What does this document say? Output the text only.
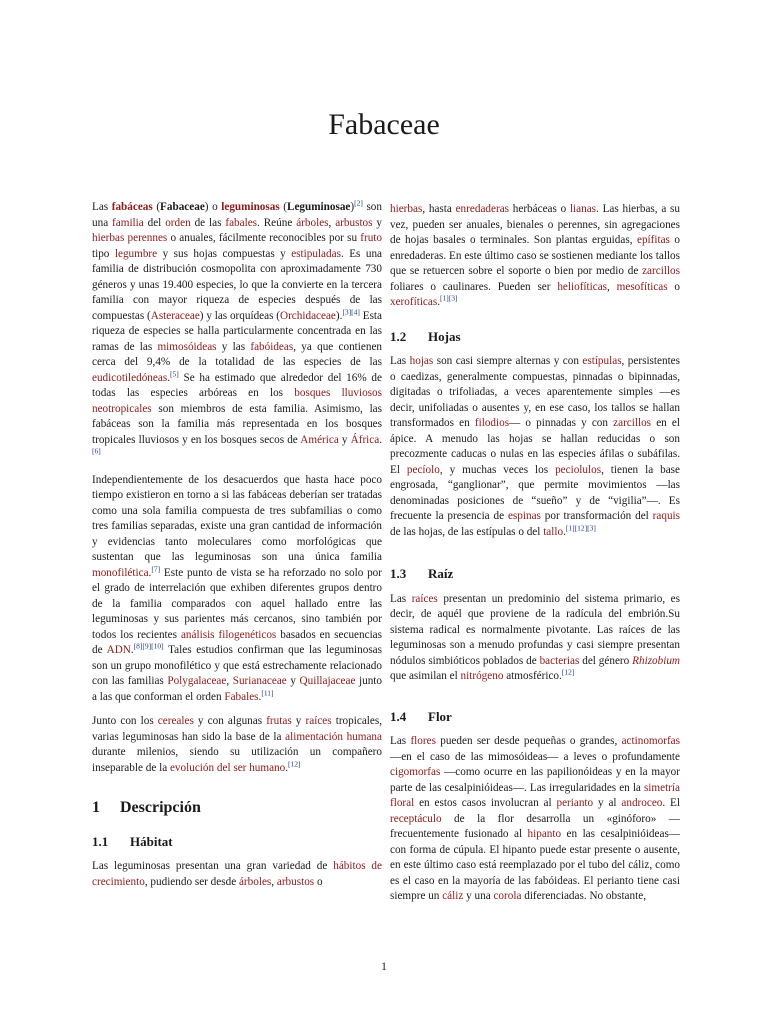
Fabaceae

Las fabáceas (Fabaceae) o leguminosas (Leguminosae)[2] son una familia del orden de las fabales. Reúne árboles, arbustos y hierbas perennes o anuales, fácilmente reconocibles por su fruto tipo legumbre y sus hojas compuestas y estipuladas. Es una familia de distribución cosmopolita con aproximadamente 730 géneros y unas 19.400 especies, lo que la convierte en la tercera familia con mayor riqueza de especies después de las compuestas (Asteraceae) y las orquídeas (Orchidaceae).[3][4] Esta riqueza de especies se halla particularmente concentrada en las ramas de las mimosóideas y las fabóideas, ya que contienen cerca del 9,4% de la totalidad de las especies de las eudicotiledóneas.[5] Se ha estimado que alrededor del 16% de todas las especies arbóreas en los bosques lluviosos neotropicales son miembros de esta familia. Asimismo, las fabáceas son la familia más representada en los bosques tropicales lluviosos y en los bosques secos de América y África.[6]

Independientemente de los desacuerdos que hasta hace poco tiempo existieron en torno a si las fabáceas deberían ser tratadas como una sola familia compuesta de tres subfamilias o como tres familias separadas, existe una gran cantidad de información y evidencias tanto moleculares como morfológicas que sustentan que las leguminosas son una única familia monofilética.[7] Este punto de vista se ha reforzado no solo por el grado de interrelación que exhiben diferentes grupos dentro de la familia comparados con aquel hallado entre las leguminosas y sus parientes más cercanos, sino también por todos los recientes análisis filogenéticos basados en secuencias de ADN.[8][9][10] Tales estudios confirman que las leguminosas son un grupo monofilético y que está estrechamente relacionado con las familias Polygalaceae, Surianaceae y Quillajaceae junto a las que conforman el orden Fabales.[11]

Junto con los cereales y con algunas frutas y raíces tropicales, varias leguminosas han sido la base de la alimentación humana durante milenios, siendo su utilización un compañero inseparable de la evolución del ser humano.[12]

1 Descripción
1.1 Hábitat

Las leguminosas presentan una gran variedad de hábitos de crecimiento, pudiendo ser desde árboles, arbustos o

hierbas, hasta enredaderas herbáceas o lianas. Las hierbas, a su vez, pueden ser anuales, bienales o perennes, sin agregaciones de hojas basales o terminales. Son plantas erguidas, epífitas o enredaderas. En este último caso se sostienen mediante los tallos que se retuercen sobre el soporte o bien por medio de zarcillos foliares o caulinares. Pueden ser heliofíticas, mesofíticas o xerofíticas.[1][3]

1.2 Hojas

Las hojas son casi siempre alternas y con estípulas, persistentes o caedizas, generalmente compuestas, pinnadas o bipinnadas, digitadas o trifoliadas, a veces aparentemente simples —es decir, unifoliadas o ausentes y, en ese caso, los tallos se hallan transformados en filodios— o pinnadas y con zarcillos en el ápice. A menudo las hojas se hallan reducidas o son precozmente caducas o nulas en las especies áfilas o subáfilas. El pecíolo, y muchas veces los peciolulos, tienen la base engrosada, “ganglionar”, que permite movimientos —las denominadas posiciones de “sueño” y de “vigilia”—. Es frecuente la presencia de espinas por transformación del raquis de las hojas, de las estípulas o del tallo.[1][12][3]

1.3 Raíz

Las raíces presentan un predominio del sistema primario, es decir, de aquél que proviene de la radícula del embrión.Su sistema radical es normalmente pivotante. Las raíces de las leguminosas son a menudo profundas y casi siempre presentan nódulos simbióticos poblados de bacterias del género Rhizobium que asimilan el nitrógeno atmosférico.[12]

1.4 Flor

Las flores pueden ser desde pequeñas o grandes, actinomorfas —en el caso de las mimosóideas— a leves o profundamente cigomorfas —como ocurre en las papilionóideas y en la mayor parte de las cesalpinióideas—. Las irregularidades en la simetría floral en estos casos involucran al perianto y al androceo. El receptáculo de la flor desarrolla un «ginóforo» —frecuentemente fusionado al hipanto en las cesalpinióideas— con forma de cúpula. El hipanto puede estar presente o ausente, en este último caso está reemplazado por el tubo del cáliz, como es el caso en la mayoría de las fabóideas. El perianto tiene casi siempre un cáliz y una corola diferenciadas. No obstante,

1
